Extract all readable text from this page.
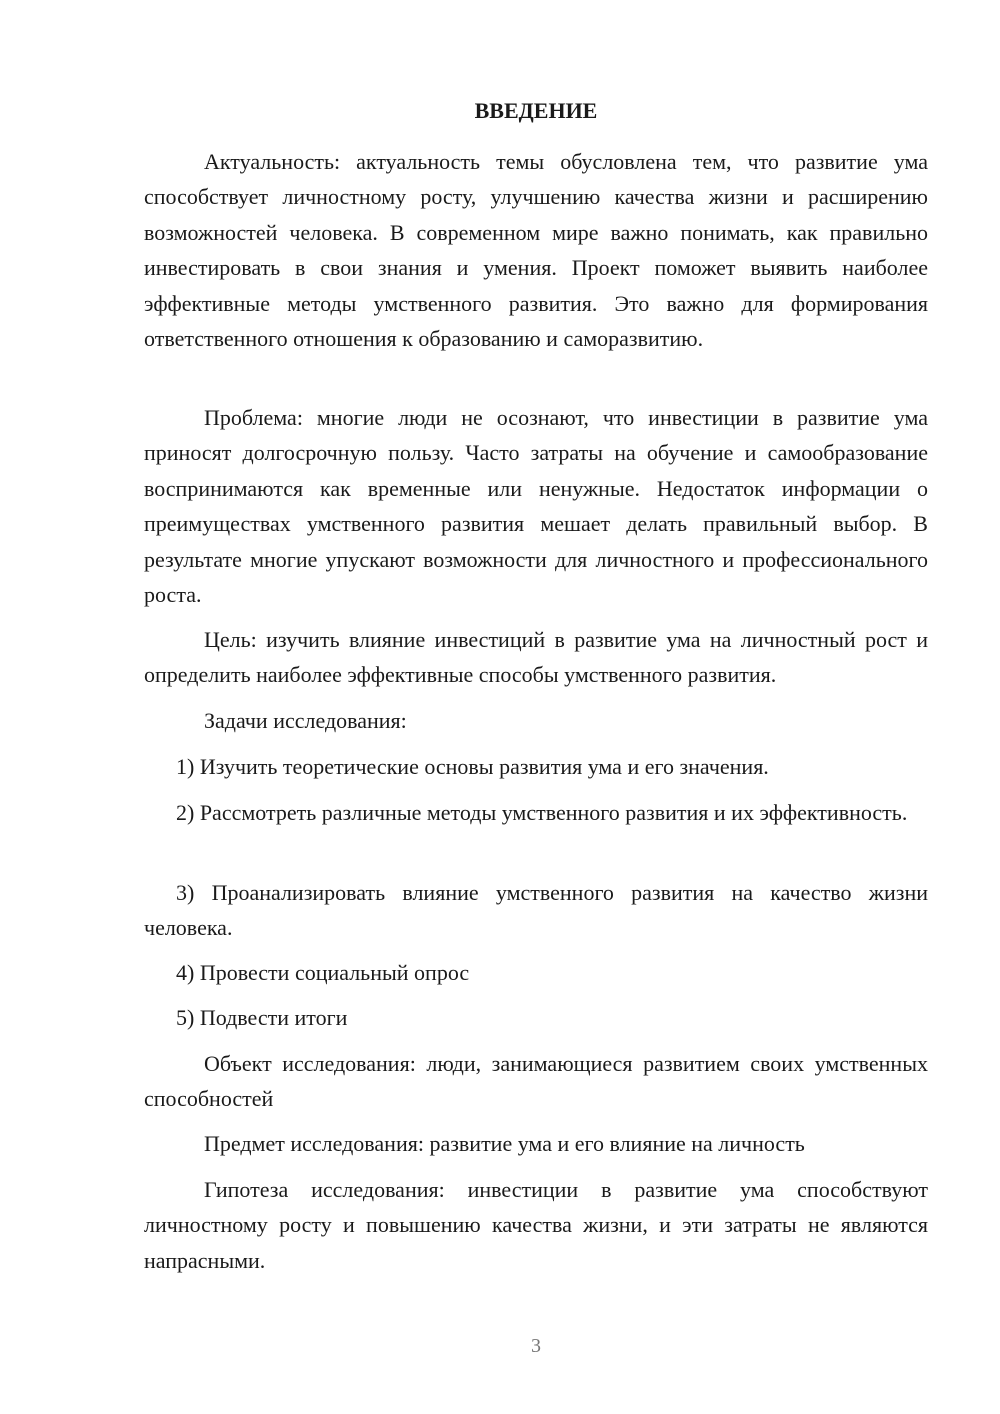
ВВЕДЕНИЕ

Актуальность: актуальность темы обусловлена тем, что развитие ума способствует личностному росту, улучшению качества жизни и расширению возможностей человека. В современном мире важно понимать, как правильно инвестировать в свои знания и умения. Проект поможет выявить наиболее эффективные методы умственного развития. Это важно для формирования ответственного отношения к образованию и саморазвитию.

Проблема: многие люди не осознают, что инвестиции в развитие ума приносят долгосрочную пользу. Часто затраты на обучение и самообразование воспринимаются как временные или ненужные. Недостаток информации о преимуществах умственного развития мешает делать правильный выбор. В результате многие упускают возможности для личностного и профессионального роста.

Цель: изучить влияние инвестиций в развитие ума на личностный рост и определить наиболее эффективные способы умственного развития.

Задачи исследования:

1) Изучить теоретические основы развития ума и его значения.

2) Рассмотреть различные методы умственного развития и их эффективность.

3) Проанализировать влияние умственного развития на качество жизни человека.

4) Провести социальный опрос

5) Подвести итоги

Объект исследования: люди, занимающиеся развитием своих умственных способностей

Предмет исследования: развитие ума и его влияние на личность

Гипотеза исследования: инвестиции в развитие ума способствуют личностному росту и повышению качества жизни, и эти затраты не являются напрасными.

3
